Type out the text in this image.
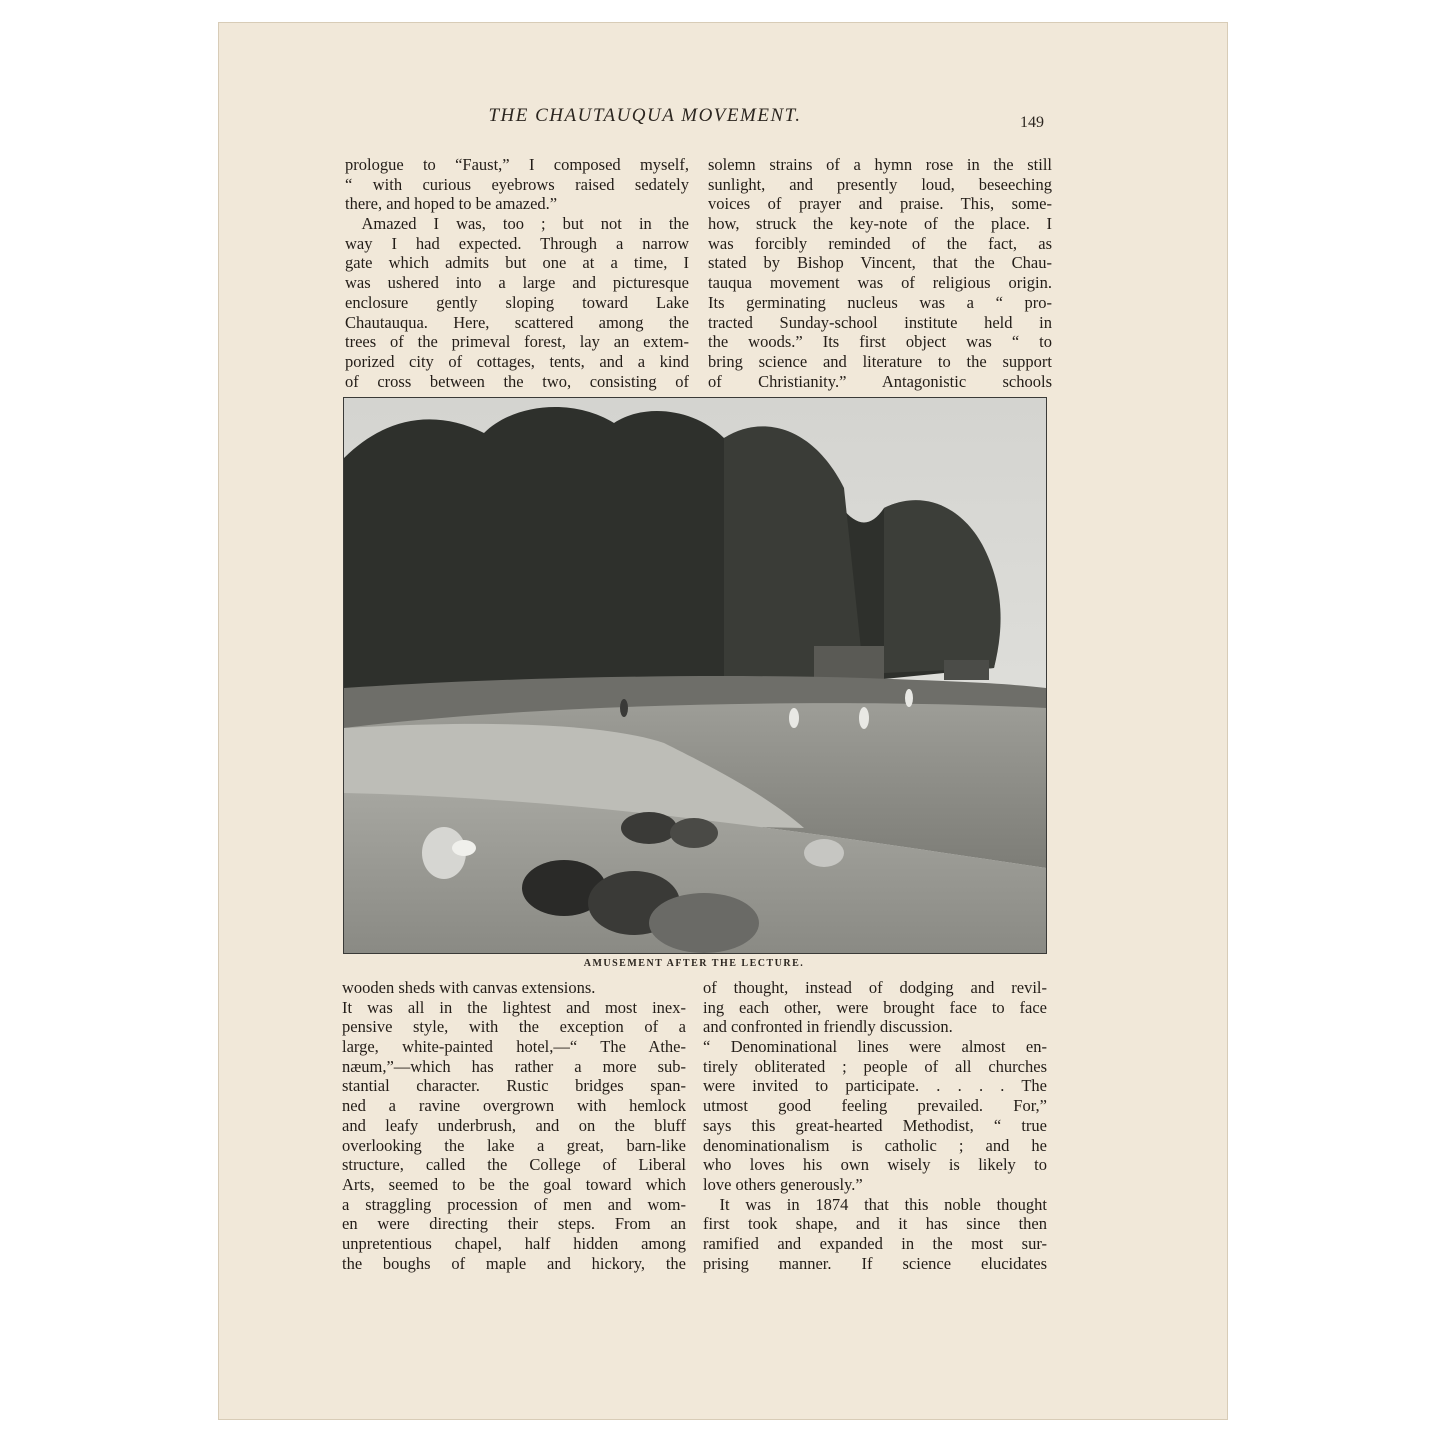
THE CHAUTAUQUA MOVEMENT.	149
prologue to “Faust,” I composed myself,
“ with curious eyebrows raised sedately
there, and hoped to be amazed.”
 Amazed I was, too ; but not in the
way I had expected. Through a narrow
gate which admits but one at a time, I
was ushered into a large and picturesque
enclosure gently sloping toward Lake
Chautauqua. Here, scattered among the
trees of the primeval forest, lay an extem-
porized city of cottages, tents, and a kind
of cross between the two, consisting of
solemn strains of a hymn rose in the still
sunlight, and presently loud, beseeching
voices of prayer and praise. This, some-
how, struck the key-note of the place. I
was forcibly reminded of the fact, as
stated by Bishop Vincent, that the Chau-
tauqua movement was of religious origin.
Its germinating nucleus was a “ pro-
tracted Sunday-school institute held in
the woods.” Its first object was “ to
bring science and literature to the support
of Christianity.” Antagonistic schools
AMUSEMENT AFTER THE LECTURE.
wooden sheds with canvas extensions.
It was all in the lightest and most inex-
pensive style, with the exception of a
large, white-painted hotel,—“ The Athe-
næum,”—which has rather a more sub-
stantial character. Rustic bridges span-
ned a ravine overgrown with hemlock
and leafy underbrush, and on the bluff
overlooking the lake a great, barn-like
structure, called the College of Liberal
Arts, seemed to be the goal toward which
a straggling procession of men and wom-
en were directing their steps. From an
unpretentious chapel, half hidden among
the boughs of maple and hickory, the
of thought, instead of dodging and revil-
ing each other, were brought face to face
and confronted in friendly discussion.
“ Denominational lines were almost en-
tirely obliterated ; people of all churches
were invited to participate. . . . . The
utmost good feeling prevailed. For,”
says this great-hearted Methodist, “ true
denominationalism is catholic ; and he
who loves his own wisely is likely to
love others generously.”
 It was in 1874 that this noble thought
first took shape, and it has since then
ramified and expanded in the most sur-
prising manner. If science elucidates
